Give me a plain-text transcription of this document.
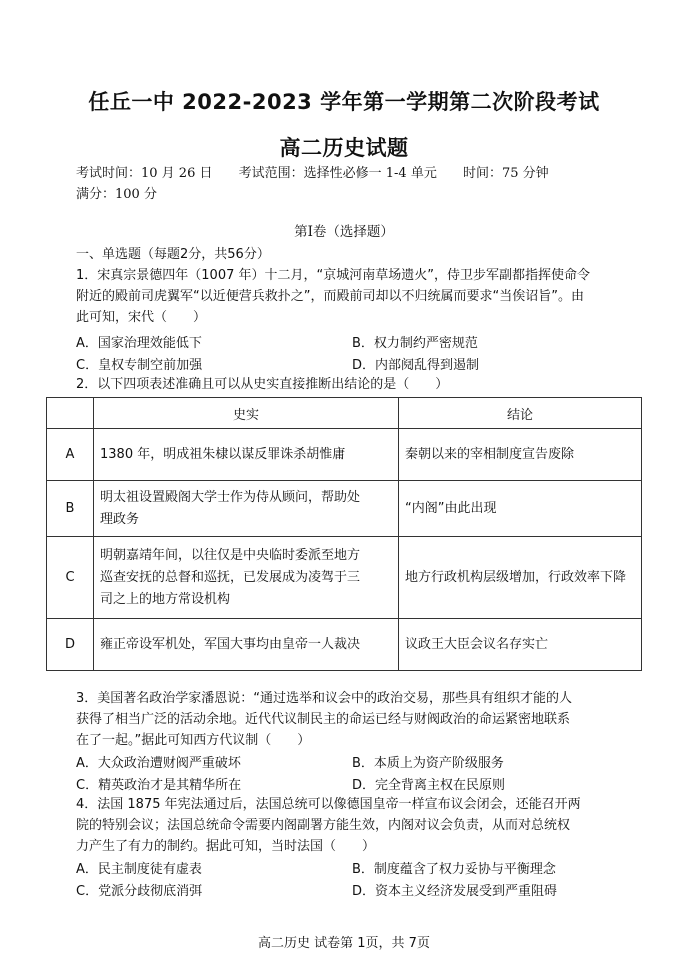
任丘一中 2022-2023 学年第一学期第二次阶段考试
高二历史试题
考试时间：10 月 26 日 考试范围：选择性必修一 1-4 单元 时间：75 分钟
满分：100 分
第Ⅰ卷（选择题）
一、单选题（每题2分，共56分）
1．宋真宗景德四年（1007 年）十二月，“京城河南草场遗火”，侍卫步军副都指挥使命令
附近的殿前司虎翼军“以近便营兵救扑之”，而殿前司却以不归统属而要求“当俟诏旨”。由
此可知，宋代（　　）
A．国家治理效能低下	B．权力制约严密规范
C．皇权专制空前加强	D．内部阋乱得到遏制
2．以下四项表述准确且可以从史实直接推断出结论的是（　　）
	史实	结论
A	1380 年，明成祖朱棣以谋反罪诛杀胡惟庸	秦朝以来的宰相制度宣告废除
B	明太祖设置殿阁大学士作为侍从顾问，帮助处
理政务	“内阁”由此出现
C	明朝嘉靖年间，以往仅是中央临时委派至地方
巡查安抚的总督和巡抚，已发展成为凌驾于三
司之上的地方常设机构	地方行政机构层级增加，行政效率下降
D	雍正帝设军机处，军国大事均由皇帝一人裁决	议政王大臣会议名存实亡
3．美国著名政治学家潘恩说：“通过选举和议会中的政治交易，那些具有组织才能的人
获得了相当广泛的活动余地。近代代议制民主的命运已经与财阀政治的命运紧密地联系
在了一起。”据此可知西方代议制（　　）
A．大众政治遭财阀严重破坏	B．本质上为资产阶级服务
C．精英政治才是其精华所在	D．完全背离主权在民原则
4．法国 1875 年宪法通过后，法国总统可以像德国皇帝一样宣布议会闭会，还能召开两
院的特别会议；法国总统命令需要内阁副署方能生效，内阁对议会负责，从而对总统权
力产生了有力的制约。据此可知，当时法国（　　）
A．民主制度徒有虚表	B．制度蕴含了权力妥协与平衡理念
C．党派分歧彻底消弭	D．资本主义经济发展受到严重阻碍
高二历史 试卷第 1页，共 7页
